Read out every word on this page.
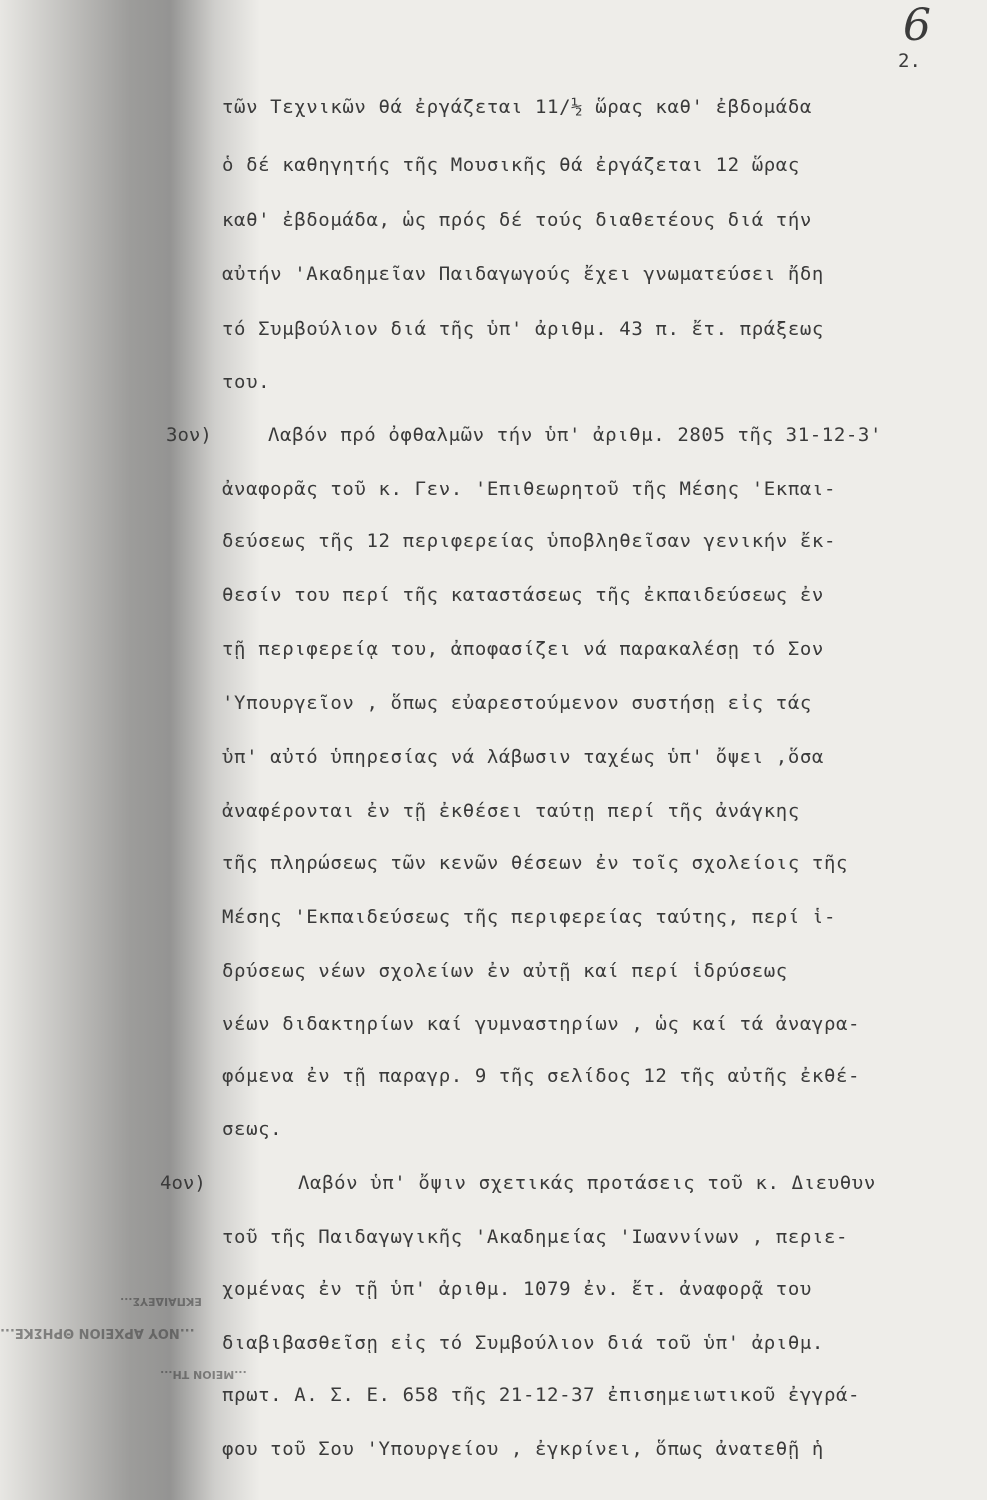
6
2.
τῶν Τεχνικῶν θά ἐργάζεται 11/½ ὥρας καθ' ἐβδομάδα
ὁ δέ καθηγητής τῆς Μουσικῆς θά ἐργάζεται 12 ὥρας
καθ' ἐβδομάδα, ὡς πρός δέ τούς διαθετέους διά τήν
αὐτήν 'Ακαδημεῖαν Παιδαγωγούς ἔχει γνωματεύσει ἤδη
τό Συμβούλιον διά τῆς ὑπ' ἀριθμ. 43 π. ἔτ. πράξεως
του.
3ον)	Λαβόν πρό ὀφθαλμῶν τήν ὑπ' ἀριθμ. 2805 τῆς 31-12-3'
ἀναφορᾶς τοῦ κ. Γεν. 'Επιθεωρητοῦ τῆς Μέσης 'Εκπαι-
δεύσεως τῆς 12 περιφερείας ὑποβληθεῖσαν γενικήν ἔκ-
θεσίν του περί τῆς καταστάσεως τῆς ἐκπαιδεύσεως ἐν
τῇ περιφερείᾳ του, ἀποφασίζει νά παρακαλέσῃ τό Σον
'Υπουργεῖον , ὅπως εὐαρεστούμενον συστήσῃ εἰς τάς
ὑπ' αὐτό ὑπηρεσίας νά λάβωσιν ταχέως ὑπ' ὄψει ,ὅσα
ἀναφέρονται ἐν τῇ ἐκθέσει ταύτῃ περί τῆς ἀνάγκης
τῆς πληρώσεως τῶν κενῶν θέσεων ἐν τοῖς σχολείοις τῆς
Μέσης 'Εκπαιδεύσεως τῆς περιφερείας ταύτης, περί ἱ-
δρύσεως νέων σχολείων ἐν αὐτῇ καί περί ἱδρύσεως
νέων διδακτηρίων καί γυμναστηρίων , ὡς καί τά ἀναγρα-
φόμενα ἐν τῇ παραγρ. 9 τῆς σελίδος 12 τῆς αὐτῆς ἐκθέ-
σεως.
4ον)	Λαβόν ὑπ' ὄψιν σχετικάς προτάσεις τοῦ κ. Διευθυν
τοῦ τῆς Παιδαγωγικῆς 'Ακαδημείας 'Ιωαννίνων , περιε-
χομένας ἐν τῇ ὑπ' ἀριθμ. 1079 ἐν. ἔτ. ἀναφορᾷ του
διαβιβασθεῖσῃ εἰς τό Συμβούλιον διά τοῦ ὑπ' ἀριθμ.
πρωτ. Α. Σ. Ε. 658 τῆς 21-12-37 ἐπισημειωτικοῦ ἐγγρά-
φου τοῦ Σου 'Υπουργείου , ἐγκρίνει, ὅπως ἀνατεθῇ ἡ
ΕΚΠΑΙΔΕΥΣ...
...ΝΟΥ ΑΡΧΕΙΟΝ ΘΡΗΣΚΕ...
...ΜΕΙΟΝ ΤΗ...
